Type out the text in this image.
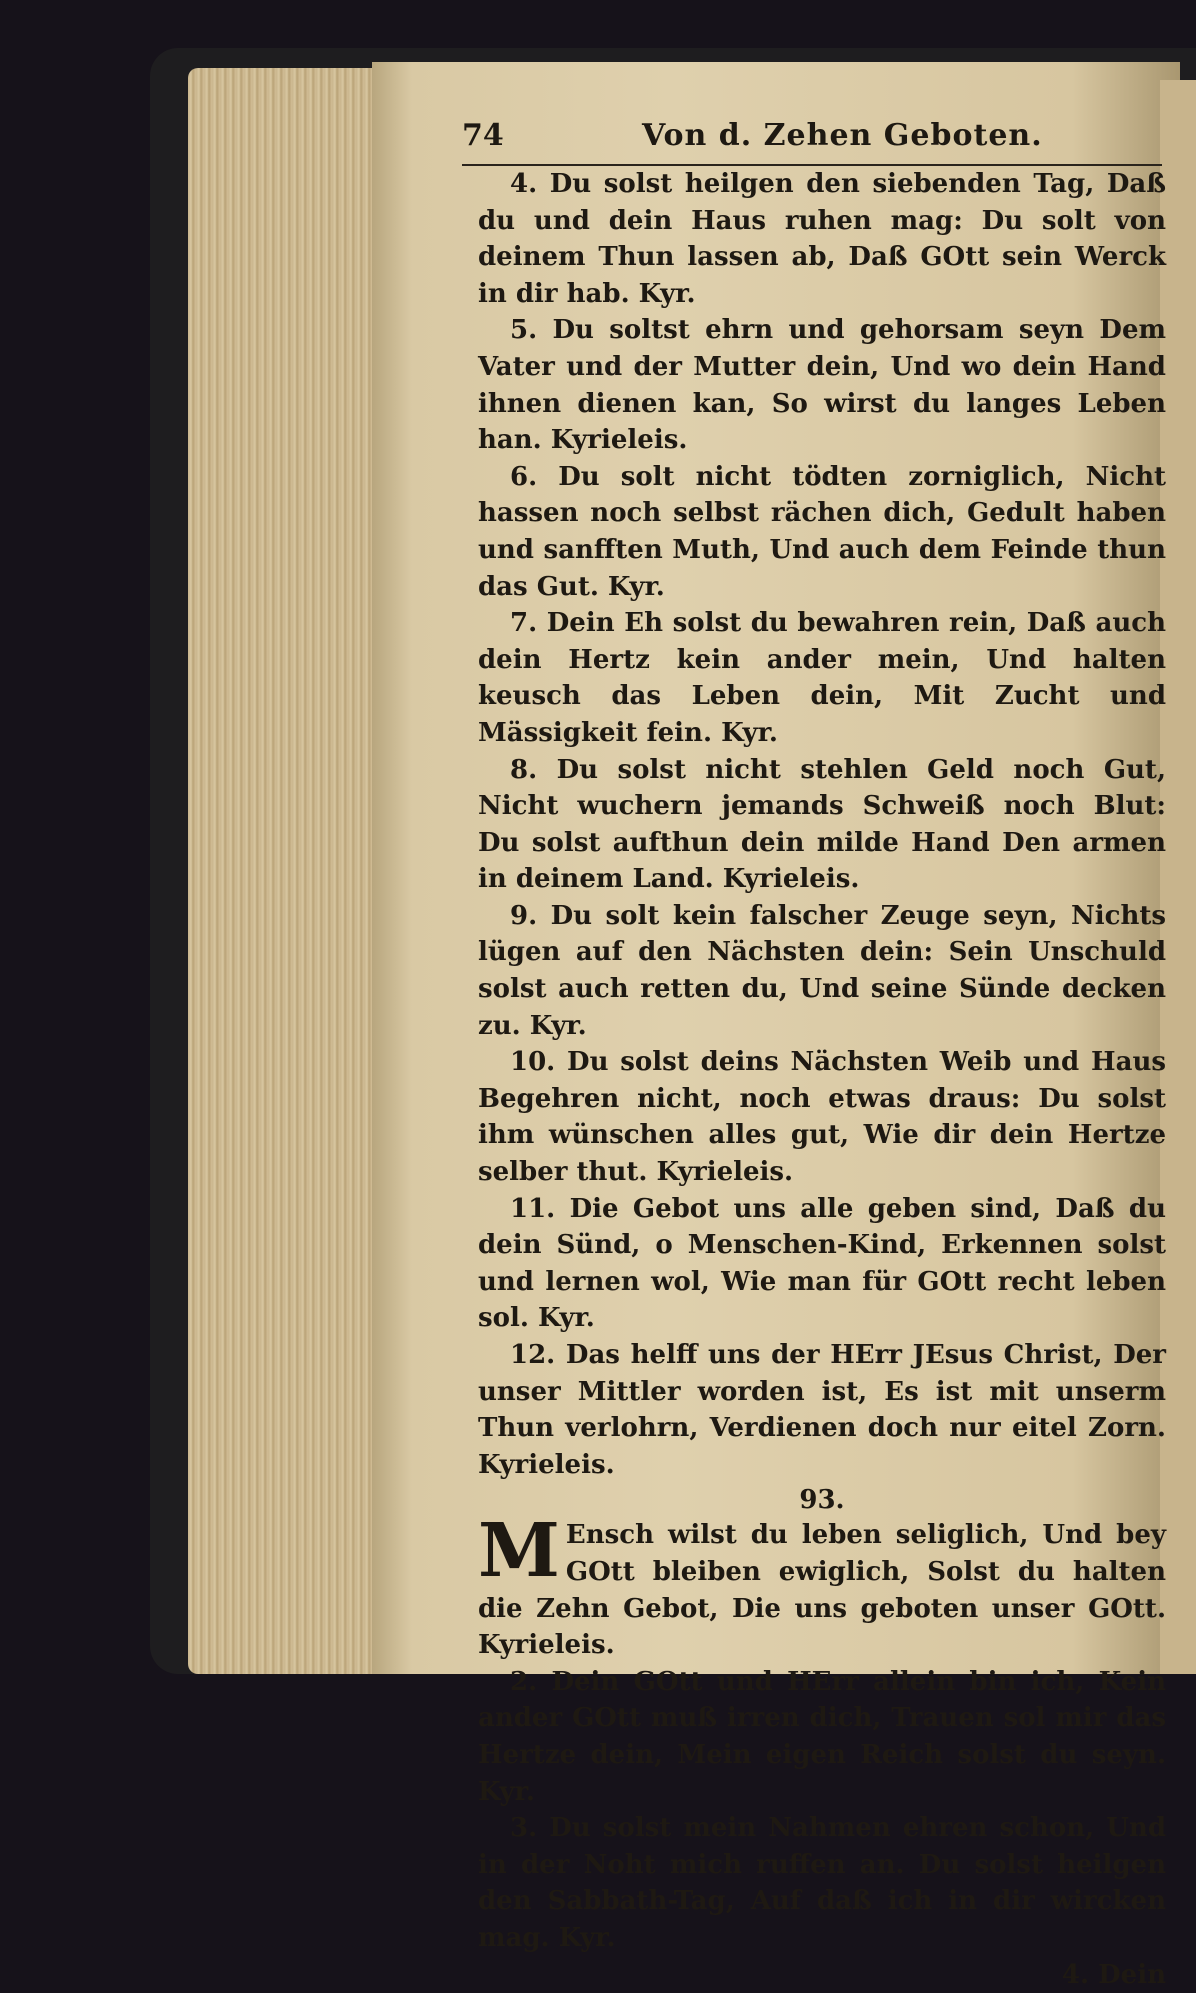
74	Von d. Zehen Geboten.

4. Du solst heilgen den siebenden Tag, Daß du und dein Haus ruhen mag: Du solt von deinem Thun lassen ab, Daß GOtt sein Werck in dir hab. Kyr.

5. Du soltst ehrn und gehorsam seyn Dem Vater und der Mutter dein, Und wo dein Hand ihnen dienen kan, So wirst du langes Leben han. Kyrieleis.

6. Du solt nicht tödten zorniglich, Nicht hassen noch selbst rächen dich, Gedult haben und sanfften Muth, Und auch dem Feinde thun das Gut. Kyr.

7. Dein Eh solst du bewahren rein, Daß auch dein Hertz kein ander mein, Und halten keusch das Leben dein, Mit Zucht und Mässigkeit fein. Kyr.

8. Du solst nicht stehlen Geld noch Gut, Nicht wuchern jemands Schweiß noch Blut: Du solst aufthun dein milde Hand Den armen in deinem Land. Kyrieleis.

9. Du solt kein falscher Zeuge seyn, Nichts lügen auf den Nächsten dein: Sein Unschuld solst auch retten du, Und seine Sünde decken zu. Kyr.

10. Du solst deins Nächsten Weib und Haus Begehren nicht, noch etwas draus: Du solst ihm wünschen alles gut, Wie dir dein Hertze selber thut. Kyrieleis.

11. Die Gebot uns alle geben sind, Daß du dein Sünd, o Menschen-Kind, Erkennen solst und lernen wol, Wie man für GOtt recht leben sol. Kyr.

12. Das helff uns der HErr JEsus Christ, Der unser Mittler worden ist, Es ist mit unserm Thun verlohrn, Verdienen doch nur eitel Zorn. Kyrieleis.

93.

M Ensch wilst du leben seliglich, Und bey GOtt bleiben ewiglich, Solst du halten die Zehn Gebot, Die uns geboten unser GOtt. Kyrieleis.

2. Dein GOtt und HErr allein bin ich, Kein ander GOtt muß irren dich, Trauen sol mir das Hertze dein, Mein eigen Reich solst du seyn. Kyr.

3. Du solst mein Nahmen ehren schon, Und in der Noht mich ruffen an. Du solst heilgen den Sabbath-Tag, Auf daß ich in dir wircken mag. Kyr.

4. Dein
